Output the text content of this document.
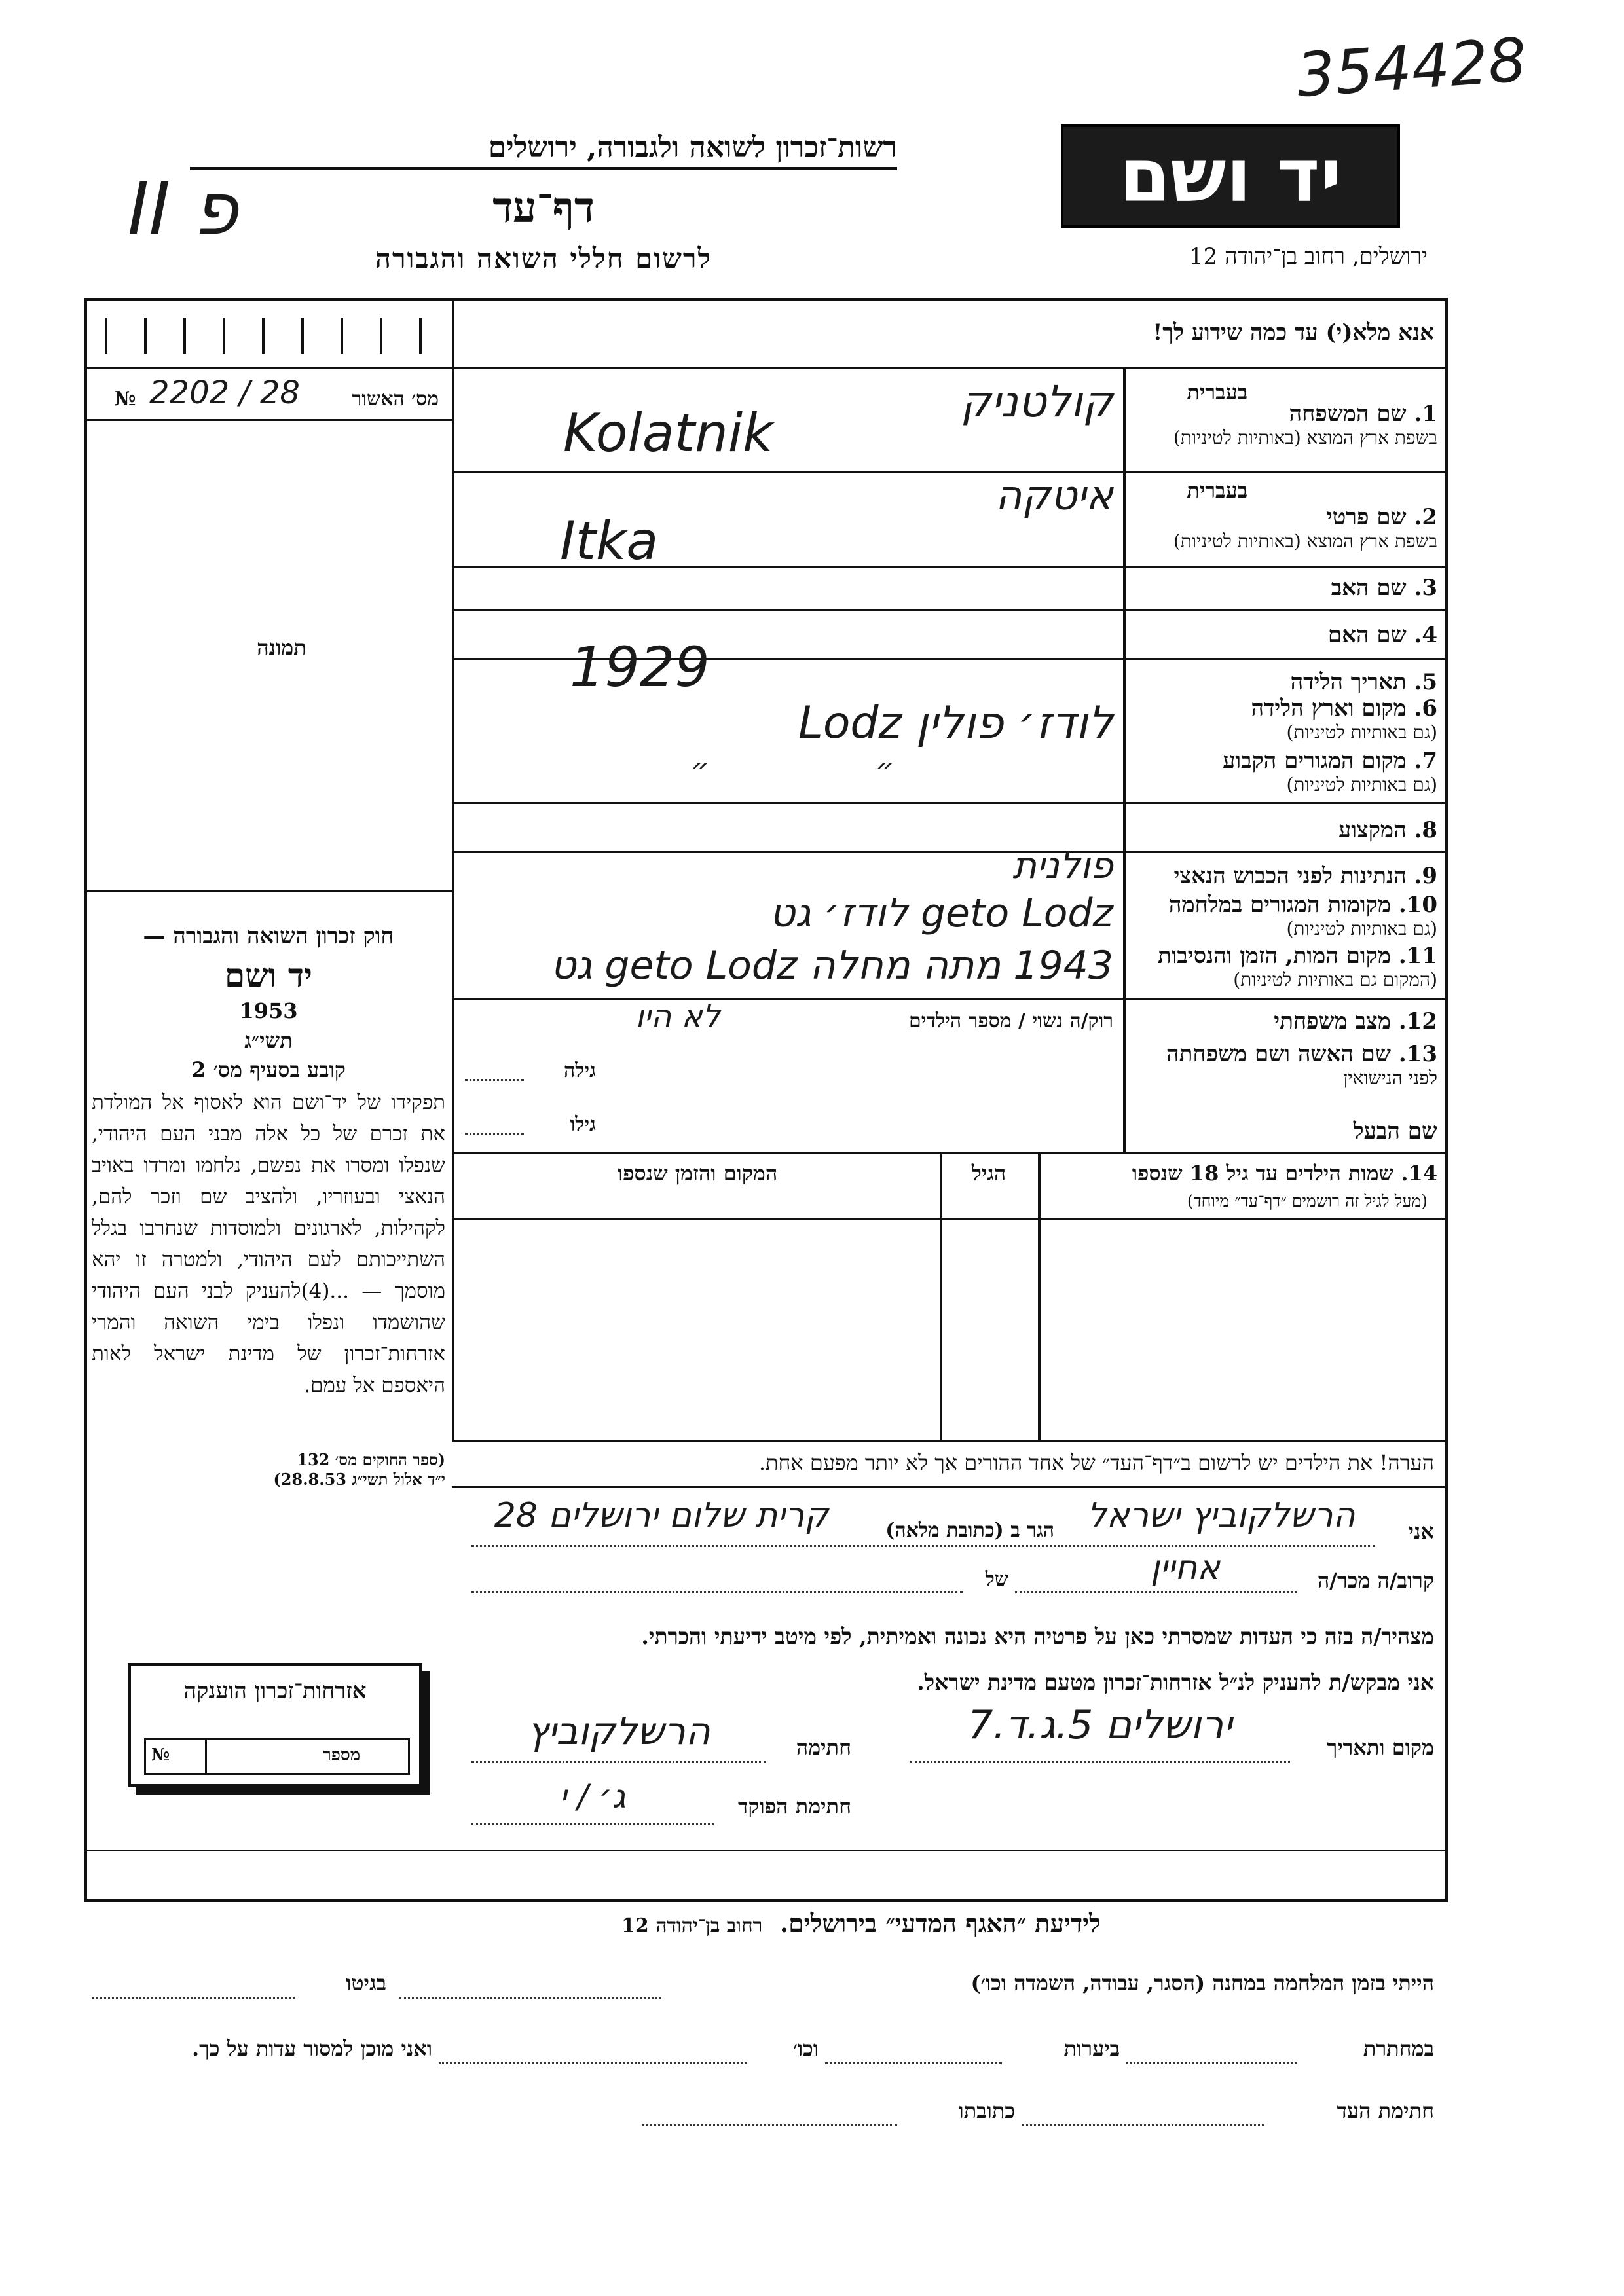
354428
יד ושם
ירושלים, רחוב בן־יהודה 12
רשות־זכרון לשואה ולגבורה, ירושלים
דף־עד
לרשום חללי השואה והגבורה
II פ
אנא מלא(י) עד כמה שידוע לך!
№ 2202 / 28	מס׳ האשור
תמונה
1. שם המשפחה
בשפת ארץ המוצא (באותיות לטיניות)
בעברית
2. שם פרטי
בשפת ארץ המוצא (באותיות לטיניות)
בעברית
3. שם האב
4. שם האם
5. תאריך הלידה
6. מקום וארץ הלידה
(גם באותיות לטיניות)
7. מקום המגורים הקבוע
(גם באותיות לטיניות)
8. המקצוע
9. הנתינות לפני הכבוש הנאצי
10. מקומות המגורים במלחמה
(גם באותיות לטיניות)
11. מקום המות, הזמן והנסיבות
(המקום גם באותיות לטיניות)
12. מצב משפחתי
13. שם האשה ושם משפחתה
לפני הנישואין
שם הבעל
קולטניק
Kolatnik
איטקה
Itka
1929
לודז׳ פולין Lodz
״ ״
פולנית
geto Lodz לודז׳ גט
1943 מתה מחלה geto Lodz גט
רוק/ה נשוי / מספר הילדים
לא היו
גילה
גילו
חוק זכרון השואה והגבורה —
יד ושם
1953
תשי״ג
קובע בסעיף מס׳ 2
תפקידו של יד־ושם הוא לאסוף אל המולדת את זכרם של כל אלה מבני העם היהודי, שנפלו ומסרו את נפשם, נלחמו ומרדו באויב הנאצי ובעוזריו, ולהציב שם וזכר להם, לקהילות, לארגונים ולמוסדות שנחרבו בגלל השתייכותם לעם היהודי, ולמטרה זו יהא מוסמך — ...(4)להעניק לבני העם היהודי שהושמדו ונפלו בימי השואה והמרי אזרחות־זכרון של מדינת ישראל לאות היאספם אל עמם.
(ספר החוקים מס׳ 132
י״ד אלול תשי״ג 28.8.53)
14. שמות הילדים עד גיל 18 שנספו
(מעל לגיל זה רושמים ״דף־עד״ מיוחד)
הגיל
המקום והזמן שנספו
הערה! את הילדים יש לרשום ב״דף־העד״ של אחד ההורים אך לא יותר מפעם אחת.
אני
הרשלקוביץ ישראל
הגר ב (כתובת מלאה)
קרית שלום ירושלים 28
קרוב/ה מכר/ה
אחיין
של
מצהיר/ה בזה כי העדות שמסרתי כאן על פרטיה היא נכונה ואמיתית, לפי מיטב ידיעתי והכרתי.
אני מבקש/ת להעניק לנ״ל אזרחות־זכרון מטעם מדינת ישראל.
מקום ותאריך
ירושלים 5.ג.ד.7
חתימה
הרשלקוביץ
חתימת הפוקד
ג׳ / י
אזרחות־זכרון הוענקה
№	מספר
לידיעת ״האגף המדעי״ בירושלים.  רחוב בן־יהודה 12
הייתי בזמן המלחמה במחנה (הסגר, עבודה, השמדה וכו׳)
בגיטו
במחתרת
ביערות
וכו׳
ואני מוכן למסור עדות על כך.
חתימת העד
כתובתו
